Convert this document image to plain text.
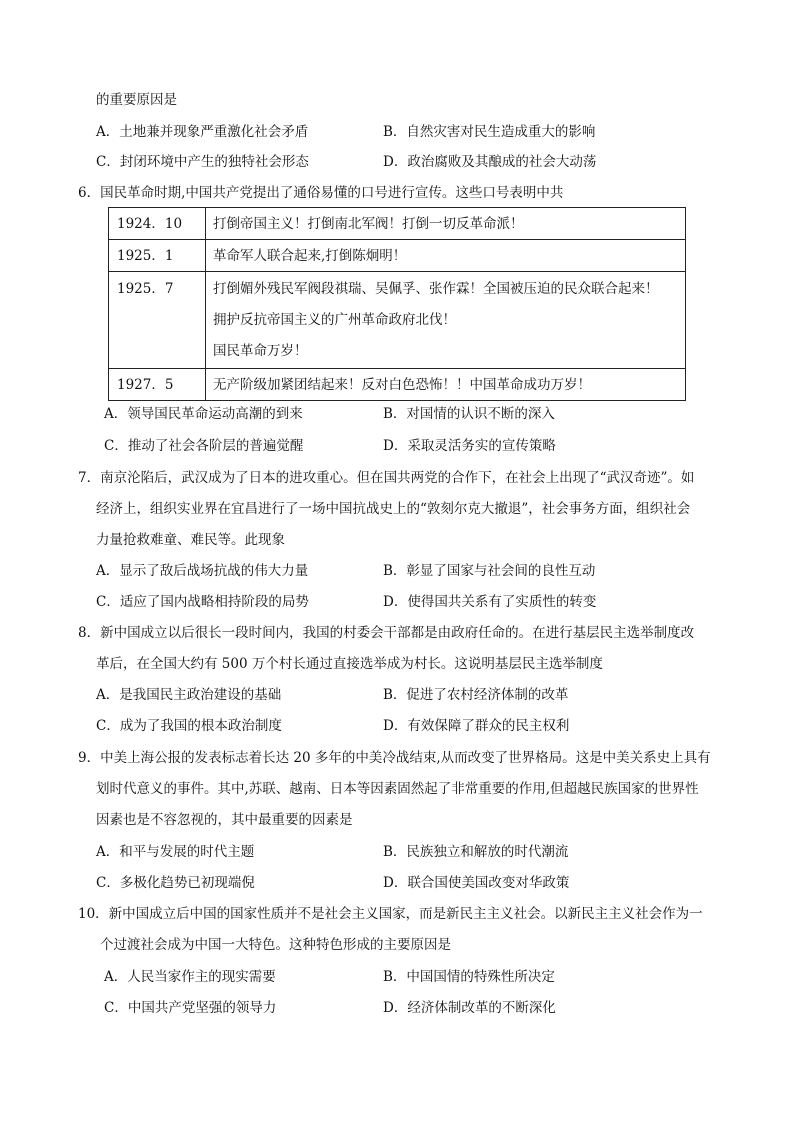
的重要原因是
A．土地兼并现象严重激化社会矛盾	B．自然灾害对民生造成重大的影响
C．封闭环境中产生的独特社会形态	D．政治腐败及其酿成的社会大动荡
6．国民革命时期,中国共产党提出了通俗易懂的口号进行宣传。这些口号表明中共
1924．10	打倒帝国主义！打倒南北军阀！打倒一切反革命派！

1925．1	革命军人联合起来,打倒陈炯明！

1925．7	打倒媚外残民军阀段祺瑞、吴佩孚、张作霖！全国被压迫的民众联合起来！
拥护反抗帝国主义的广州革命政府北伐！
国民革命万岁！

1927．5	无产阶级加紧团结起来！反对白色恐怖！！中国革命成功万岁！
A．领导国民革命运动高潮的到来	B．对国情的认识不断的深入
C．推动了社会各阶层的普遍觉醒	D．采取灵活务实的宣传策略
7．南京沦陷后，武汉成为了日本的进攻重心。但在国共两党的合作下，在社会上出现了“武汉奇迹”。如
经济上，组织实业界在宜昌进行了一场中国抗战史上的“敦刻尔克大撤退”，社会事务方面，组织社会
力量抢救难童、难民等。此现象
A．显示了敌后战场抗战的伟大力量	B．彰显了国家与社会间的良性互动
C．适应了国内战略相持阶段的局势	D．使得国共关系有了实质性的转变
8．新中国成立以后很长一段时间内，我国的村委会干部都是由政府任命的。在进行基层民主选举制度改
革后，在全国大约有 500 万个村长通过直接选举成为村长。这说明基层民主选举制度
A．是我国民主政治建设的基础	B．促进了农村经济体制的改革
C．成为了我国的根本政治制度	D．有效保障了群众的民主权利
9．中美上海公报的发表标志着长达 20 多年的中美冷战结束,从而改变了世界格局。这是中美关系史上具有
划时代意义的事件。其中,苏联、越南、日本等因素固然起了非常重要的作用,但超越民族国家的世界性
因素也是不容忽视的，其中最重要的因素是
A．和平与发展的时代主题	B．民族独立和解放的时代潮流
C．多极化趋势已初现端倪	D．联合国使美国改变对华政策
10．新中国成立后中国的国家性质并不是社会主义国家，而是新民主主义社会。以新民主主义社会作为一
个过渡社会成为中国一大特色。这种特色形成的主要原因是
A．人民当家作主的现实需要	B．中国国情的特殊性所决定
C．中国共产党坚强的领导力	D．经济体制改革的不断深化
